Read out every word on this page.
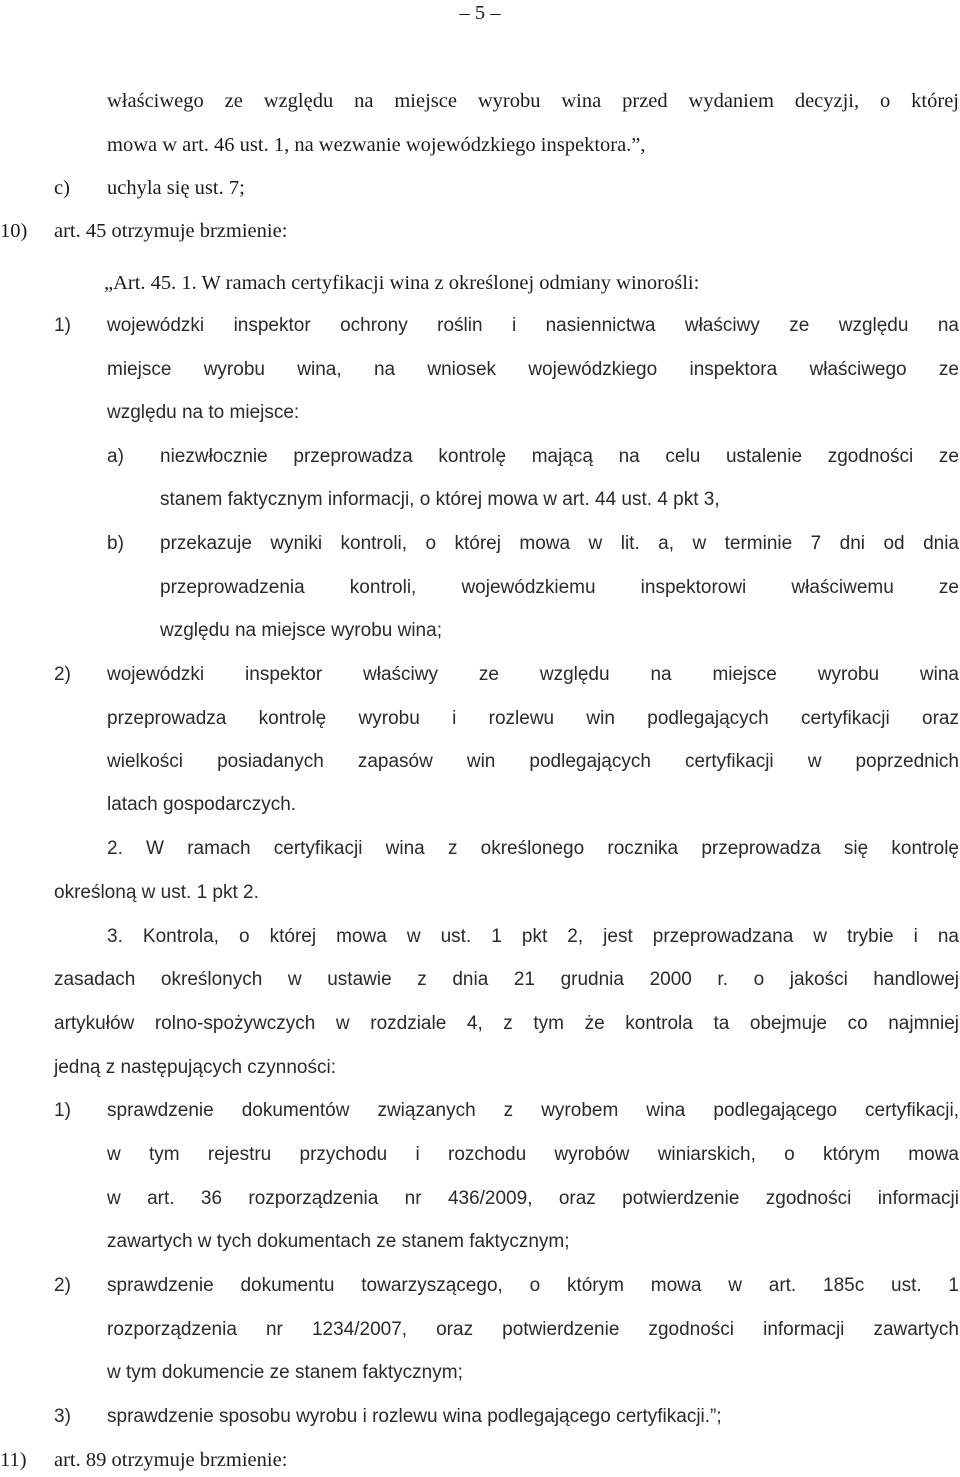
– 5 –
właściwego ze względu na miejsce wyrobu wina przed wydaniem decyzji, o której
mowa w art. 46 ust. 1, na wezwanie wojewódzkiego inspektora.”,
c) uchyla się ust. 7;
10) art. 45 otrzymuje brzmienie:
„Art. 45. 1. W ramach certyfikacji wina z określonej odmiany winorośli:
1) wojewódzki inspektor ochrony roślin i nasiennictwa właściwy ze względu na
miejsce wyrobu wina, na wniosek wojewódzkiego inspektora właściwego ze
względu na to miejsce:
a) niezwłocznie przeprowadza kontrolę mającą na celu ustalenie zgodności ze
stanem faktycznym informacji, o której mowa w art. 44 ust. 4 pkt 3,
b) przekazuje wyniki kontroli, o której mowa w lit. a, w terminie 7 dni od dnia
przeprowadzenia kontroli, wojewódzkiemu inspektorowi właściwemu ze
względu na miejsce wyrobu wina;
2) wojewódzki inspektor właściwy ze względu na miejsce wyrobu wina
przeprowadza kontrolę wyrobu i rozlewu win podlegających certyfikacji oraz
wielkości posiadanych zapasów win podlegających certyfikacji w poprzednich
latach gospodarczych.
2. W ramach certyfikacji wina z określonego rocznika przeprowadza się kontrolę
określoną w ust. 1 pkt 2.
3. Kontrola, o której mowa w ust. 1 pkt 2, jest przeprowadzana w trybie i na
zasadach określonych w ustawie z dnia 21 grudnia 2000 r. o jakości handlowej
artykułów rolno-spożywczych w rozdziale 4, z tym że kontrola ta obejmuje co najmniej
jedną z następujących czynności:
1) sprawdzenie dokumentów związanych z wyrobem wina podlegającego certyfikacji,
w tym rejestru przychodu i rozchodu wyrobów winiarskich, o którym mowa
w art. 36 rozporządzenia nr 436/2009, oraz potwierdzenie zgodności informacji
zawartych w tych dokumentach ze stanem faktycznym;
2) sprawdzenie dokumentu towarzyszącego, o którym mowa w art. 185c ust. 1
rozporządzenia nr 1234/2007, oraz potwierdzenie zgodności informacji zawartych
w tym dokumencie ze stanem faktycznym;
3) sprawdzenie sposobu wyrobu i rozlewu wina podlegającego certyfikacji.”;
11) art. 89 otrzymuje brzmienie:
